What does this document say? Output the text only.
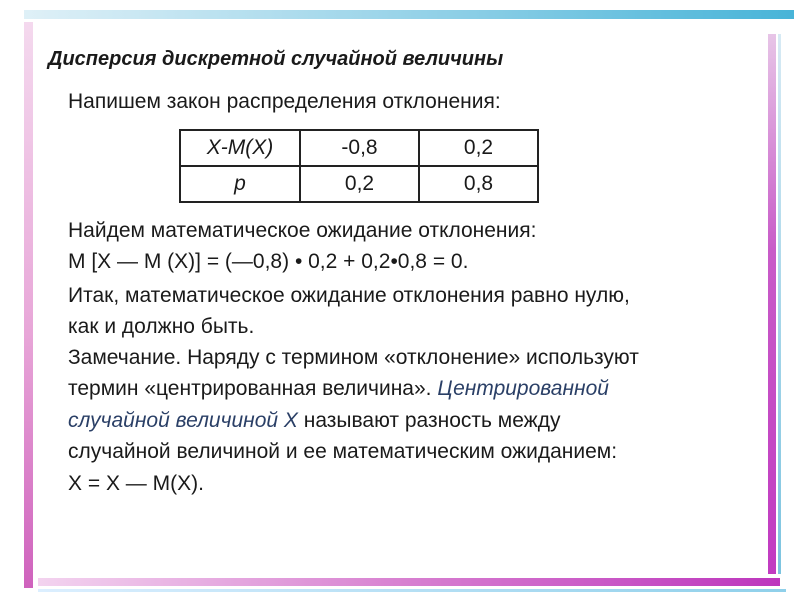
Дисперсия дискретной случайной величины
Напишем закон распределения отклонения:
X-M(X)	-0,8	0,2
p	0,2	0,8
Найдем математическое ожидание отклонения:
M [X — M (X)] = (—0,8) • 0,2 + 0,2•0,8 = 0.
Итак, математическое ожидание отклонения равно нулю,
как и должно быть.
Замечание. Наряду с термином «отклонение» используют
термин «центрированная величина». Центрированной
случайной величиной X называют разность между
случайной величиной и ее математическим ожиданием:
X = X — M(X).
